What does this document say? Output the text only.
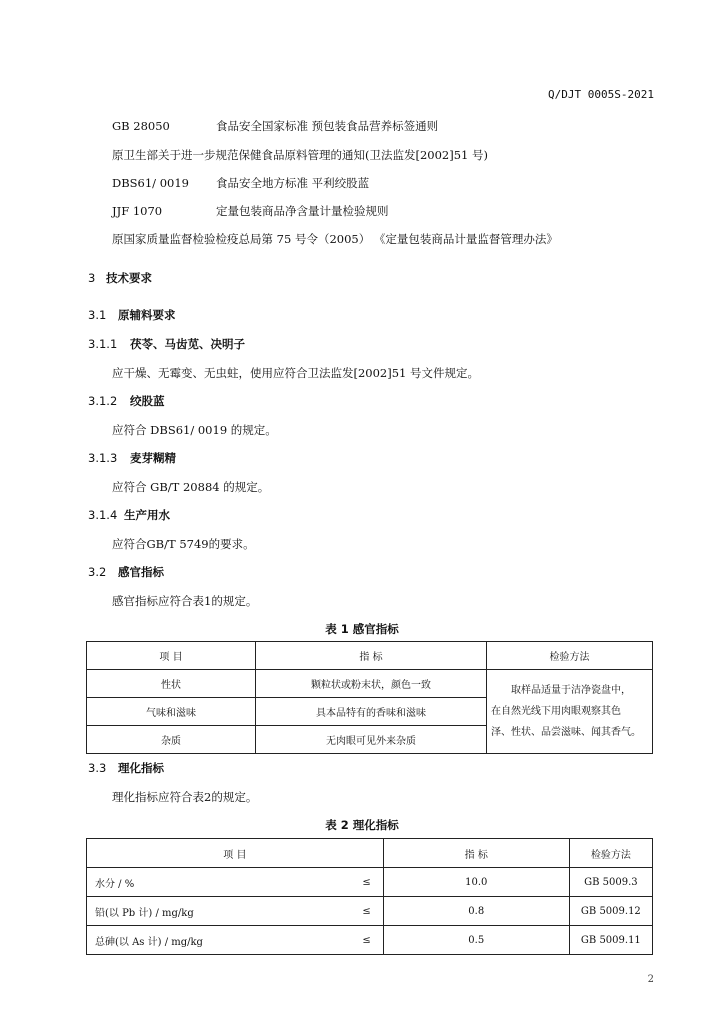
Q/DJT 0005S-2021
GB 28050	食品安全国家标准 预包装食品营养标签通则
原卫生部关于进一步规范保健食品原料管理的通知(卫法监发[2002]51 号)
DBS61/ 0019 食品安全地方标准 平利绞股蓝
JJF 1070	定量包装商品净含量计量检验规则
原国家质量监督检验检疫总局第 75 号令（2005） 《定量包装商品计量监督管理办法》
3 技术要求
3.1 原辅料要求
3.1.1 茯苓、马齿苋、决明子
应干燥、无霉变、无虫蛀，使用应符合卫法监发[2002]51 号文件规定。
3.1.2 绞股蓝
应符合 DBS61/ 0019 的规定。
3.1.3 麦芽糊精
应符合 GB/T 20884 的规定。
3.1.4 生产用水
应符合GB/T 5749的要求。
3.2 感官指标
感官指标应符合表1的规定。
表 1 感官指标
项 目	指 标	检验方法
性状	颗粒状或粉末状，颜色一致	取样品适量于洁净瓷盘中，
在自然光线下用肉眼观察其色
泽、性状、品尝滋味、闻其香气。

气味和滋味	具本品特有的香味和滋味	
杂质	无肉眼可见外来杂质	
3.3 理化指标
理化指标应符合表2的规定。
表 2 理化指标
项 目		指 标	检验方法
水分 / %	≤	10.0	GB 5009.3
铅(以 Pb 计) / mg/kg	≤	0.8	GB 5009.12
总砷(以 As 计) / mg/kg	≤	0.5	GB 5009.11
2
